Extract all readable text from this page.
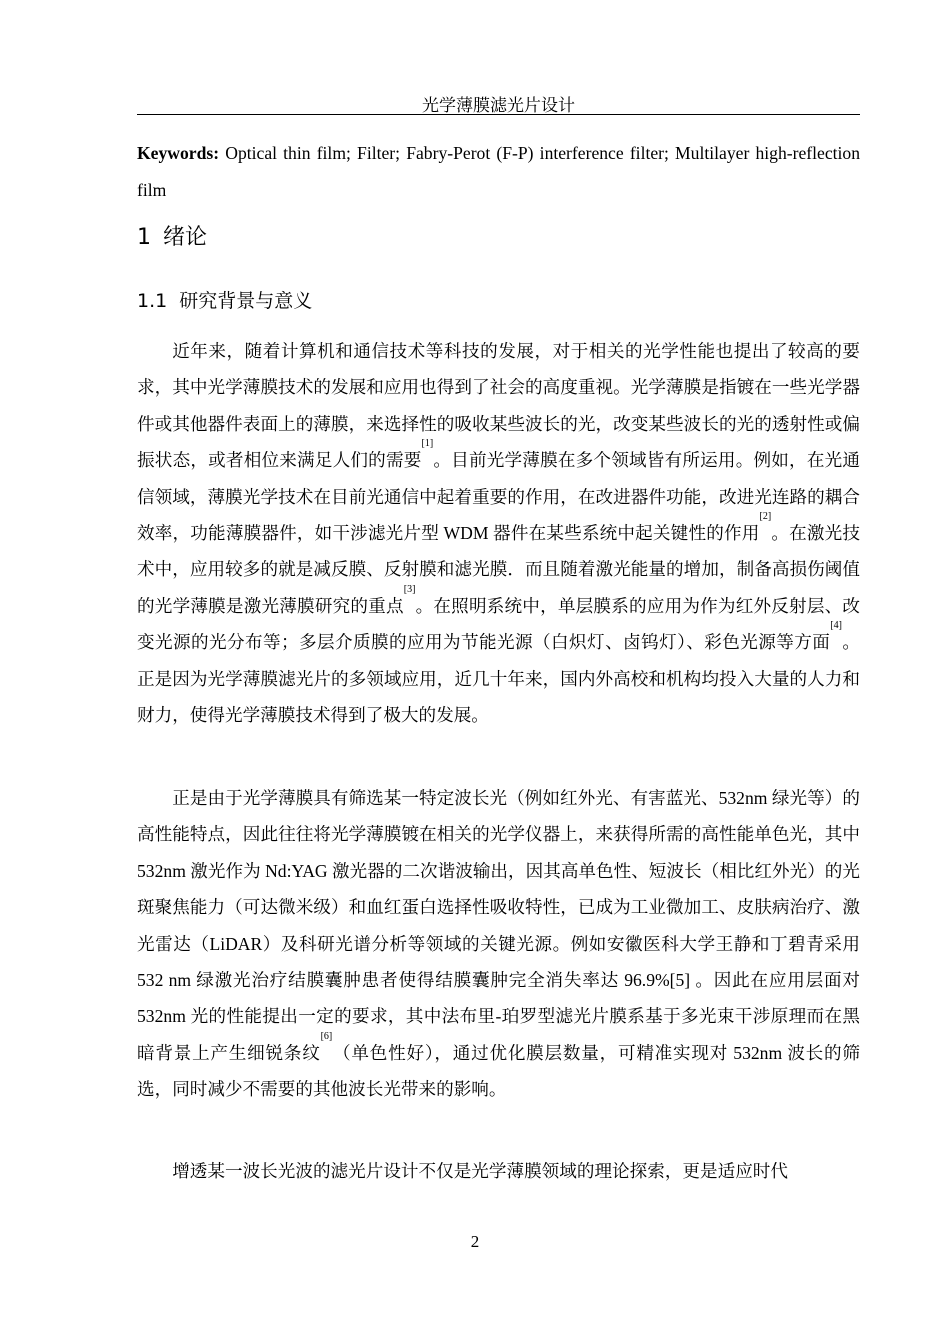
光学薄膜滤光片设计
Keywords: Optical thin film; Filter; Fabry-Perot (F-P) interference filter; Multilayer high-reflection film
1 绪论
1.1 研究背景与意义

近年来，随着计算机和通信技术等科技的发展，对于相关的光学性能也提出了较高的要求，其中光学薄膜技术的发展和应用也得到了社会的高度重视。光学薄膜是指镀在一些光学器件或其他器件表面上的薄膜，来选择性的吸收某些波长的光，改变某些波长的光的透射性或偏振状态，或者相位来满足人们的需要[1]。目前光学薄膜在多个领域皆有所运用。例如，在光通信领域，薄膜光学技术在目前光通信中起着重要的作用，在改进器件功能，改进光连路的耦合效率，功能薄膜器件，如干涉滤光片型 WDM 器件在某些系统中起关键性的作用[2]。在激光技术中，应用较多的就是减反膜、反射膜和滤光膜．而且随着激光能量的增加，制备高损伤阈值的光学薄膜是激光薄膜研究的重点[3]。在照明系统中，单层膜系的应用为作为红外反射层、改变光源的光分布等；多层介质膜的应用为节能光源（白炽灯、卤钨灯）、彩色光源等方面[4]。正是因为光学薄膜滤光片的多领域应用，近几十年来，国内外高校和机构均投入大量的人力和财力，使得光学薄膜技术得到了极大的发展。

正是由于光学薄膜具有筛选某一特定波长光（例如红外光、有害蓝光、532nm 绿光等）的高性能特点，因此往往将光学薄膜镀在相关的光学仪器上，来获得所需的高性能单色光，其中 532nm 激光作为 Nd:YAG 激光器的二次谐波输出，因其高单色性、短波长（相比红外光）的光斑聚焦能力（可达微米级）和血红蛋白选择性吸收特性，已成为工业微加工、皮肤病治疗、激光雷达（LiDAR）及科研光谱分析等领域的关键光源。例如安徽医科大学王静和丁碧青采用 532 nm 绿激光治疗结膜囊肿患者使得结膜囊肿完全消失率达 96.9%[5] 。因此在应用层面对 532nm 光的性能提出一定的要求，其中法布里-珀罗型滤光片膜系基于多光束干涉原理而在黑暗背景上产生细锐条纹[6]（单色性好），通过优化膜层数量，可精准实现对 532nm 波长的筛选，同时减少不需要的其他波长光带来的影响。

增透某一波长光波的滤光片设计不仅是光学薄膜领域的理论探索，更是适应时代

2
